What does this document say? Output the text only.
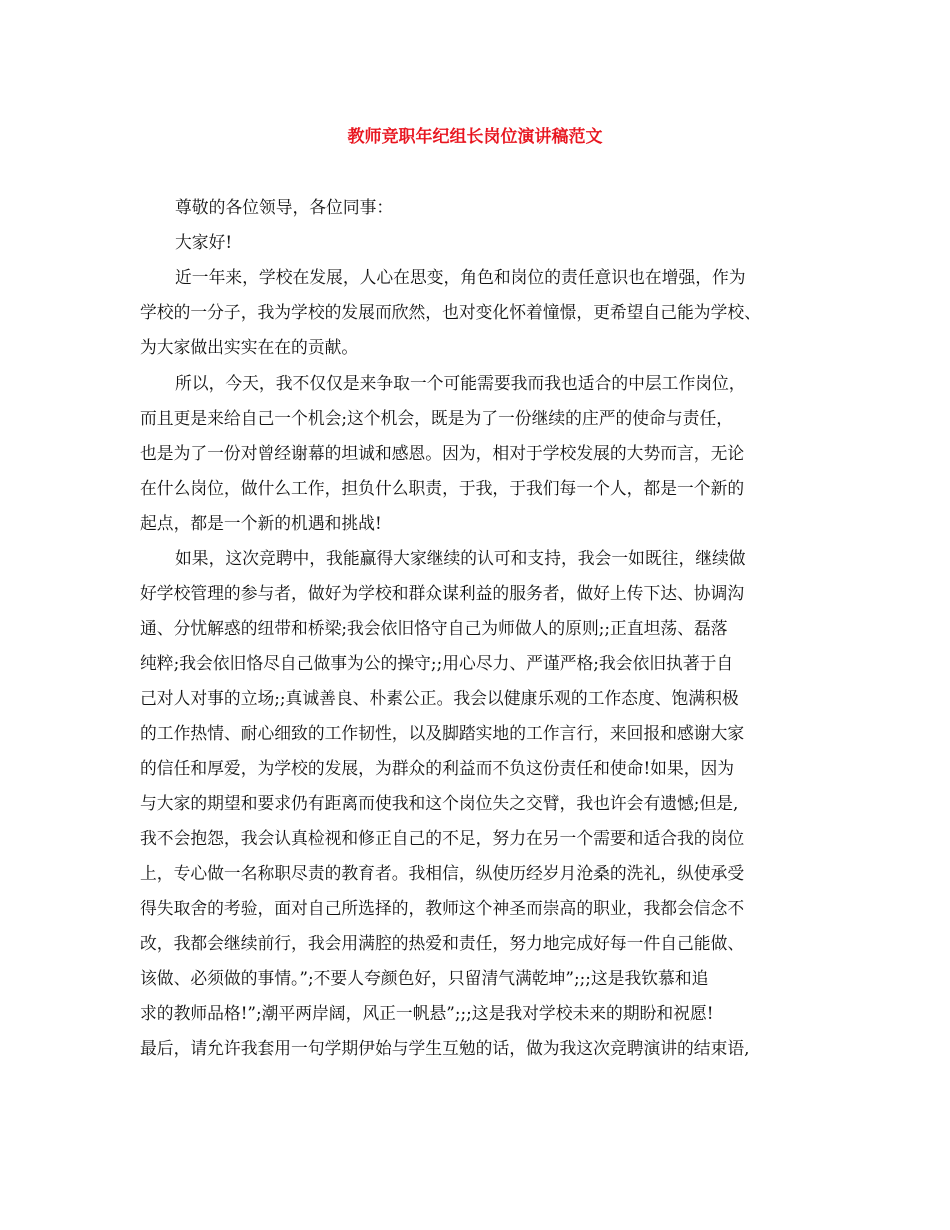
教师竞职年纪组长岗位演讲稿范文
尊敬的各位领导，各位同事：
大家好!
近一年来，学校在发展，人心在思变，角色和岗位的责任意识也在增强，作为
学校的一分子，我为学校的发展而欣然，也对变化怀着憧憬，更希望自己能为学校、
为大家做出实实在在的贡献。
所以，今天，我不仅仅是来争取一个可能需要我而我也适合的中层工作岗位，
而且更是来给自己一个机会;这个机会，既是为了一份继续的庄严的使命与责任，
也是为了一份对曾经谢幕的坦诚和感恩。因为，相对于学校发展的大势而言，无论
在什么岗位，做什么工作，担负什么职责，于我，于我们每一个人，都是一个新的
起点，都是一个新的机遇和挑战!
如果，这次竞聘中，我能赢得大家继续的认可和支持，我会一如既往，继续做
好学校管理的参与者，做好为学校和群众谋利益的服务者，做好上传下达、协调沟
通、分忧解惑的纽带和桥梁;我会依旧恪守自己为师做人的原则;;正直坦荡、磊落
纯粹;我会依旧恪尽自己做事为公的操守;;用心尽力、严谨严格;我会依旧执著于自
己对人对事的立场;;真诚善良、朴素公正。我会以健康乐观的工作态度、饱满积极
的工作热情、耐心细致的工作韧性，以及脚踏实地的工作言行，来回报和感谢大家
的信任和厚爱，为学校的发展，为群众的利益而不负这份责任和使命!如果，因为
与大家的期望和要求仍有距离而使我和这个岗位失之交臂，我也许会有遗憾;但是,
我不会抱怨，我会认真检视和修正自己的不足，努力在另一个需要和适合我的岗位
上，专心做一名称职尽责的教育者。我相信，纵使历经岁月沧桑的洗礼，纵使承受
得失取舍的考验，面对自己所选择的，教师这个神圣而崇高的职业，我都会信念不
改，我都会继续前行，我会用满腔的热爱和责任，努力地完成好每一件自己能做、
该做、必须做的事情。”;不要人夸颜色好，只留清气满乾坤”;;;这是我钦慕和追
求的教师品格!”;潮平两岸阔，风正一帆悬”;;;这是我对学校未来的期盼和祝愿!
最后，请允许我套用一句学期伊始与学生互勉的话，做为我这次竞聘演讲的结束语,
